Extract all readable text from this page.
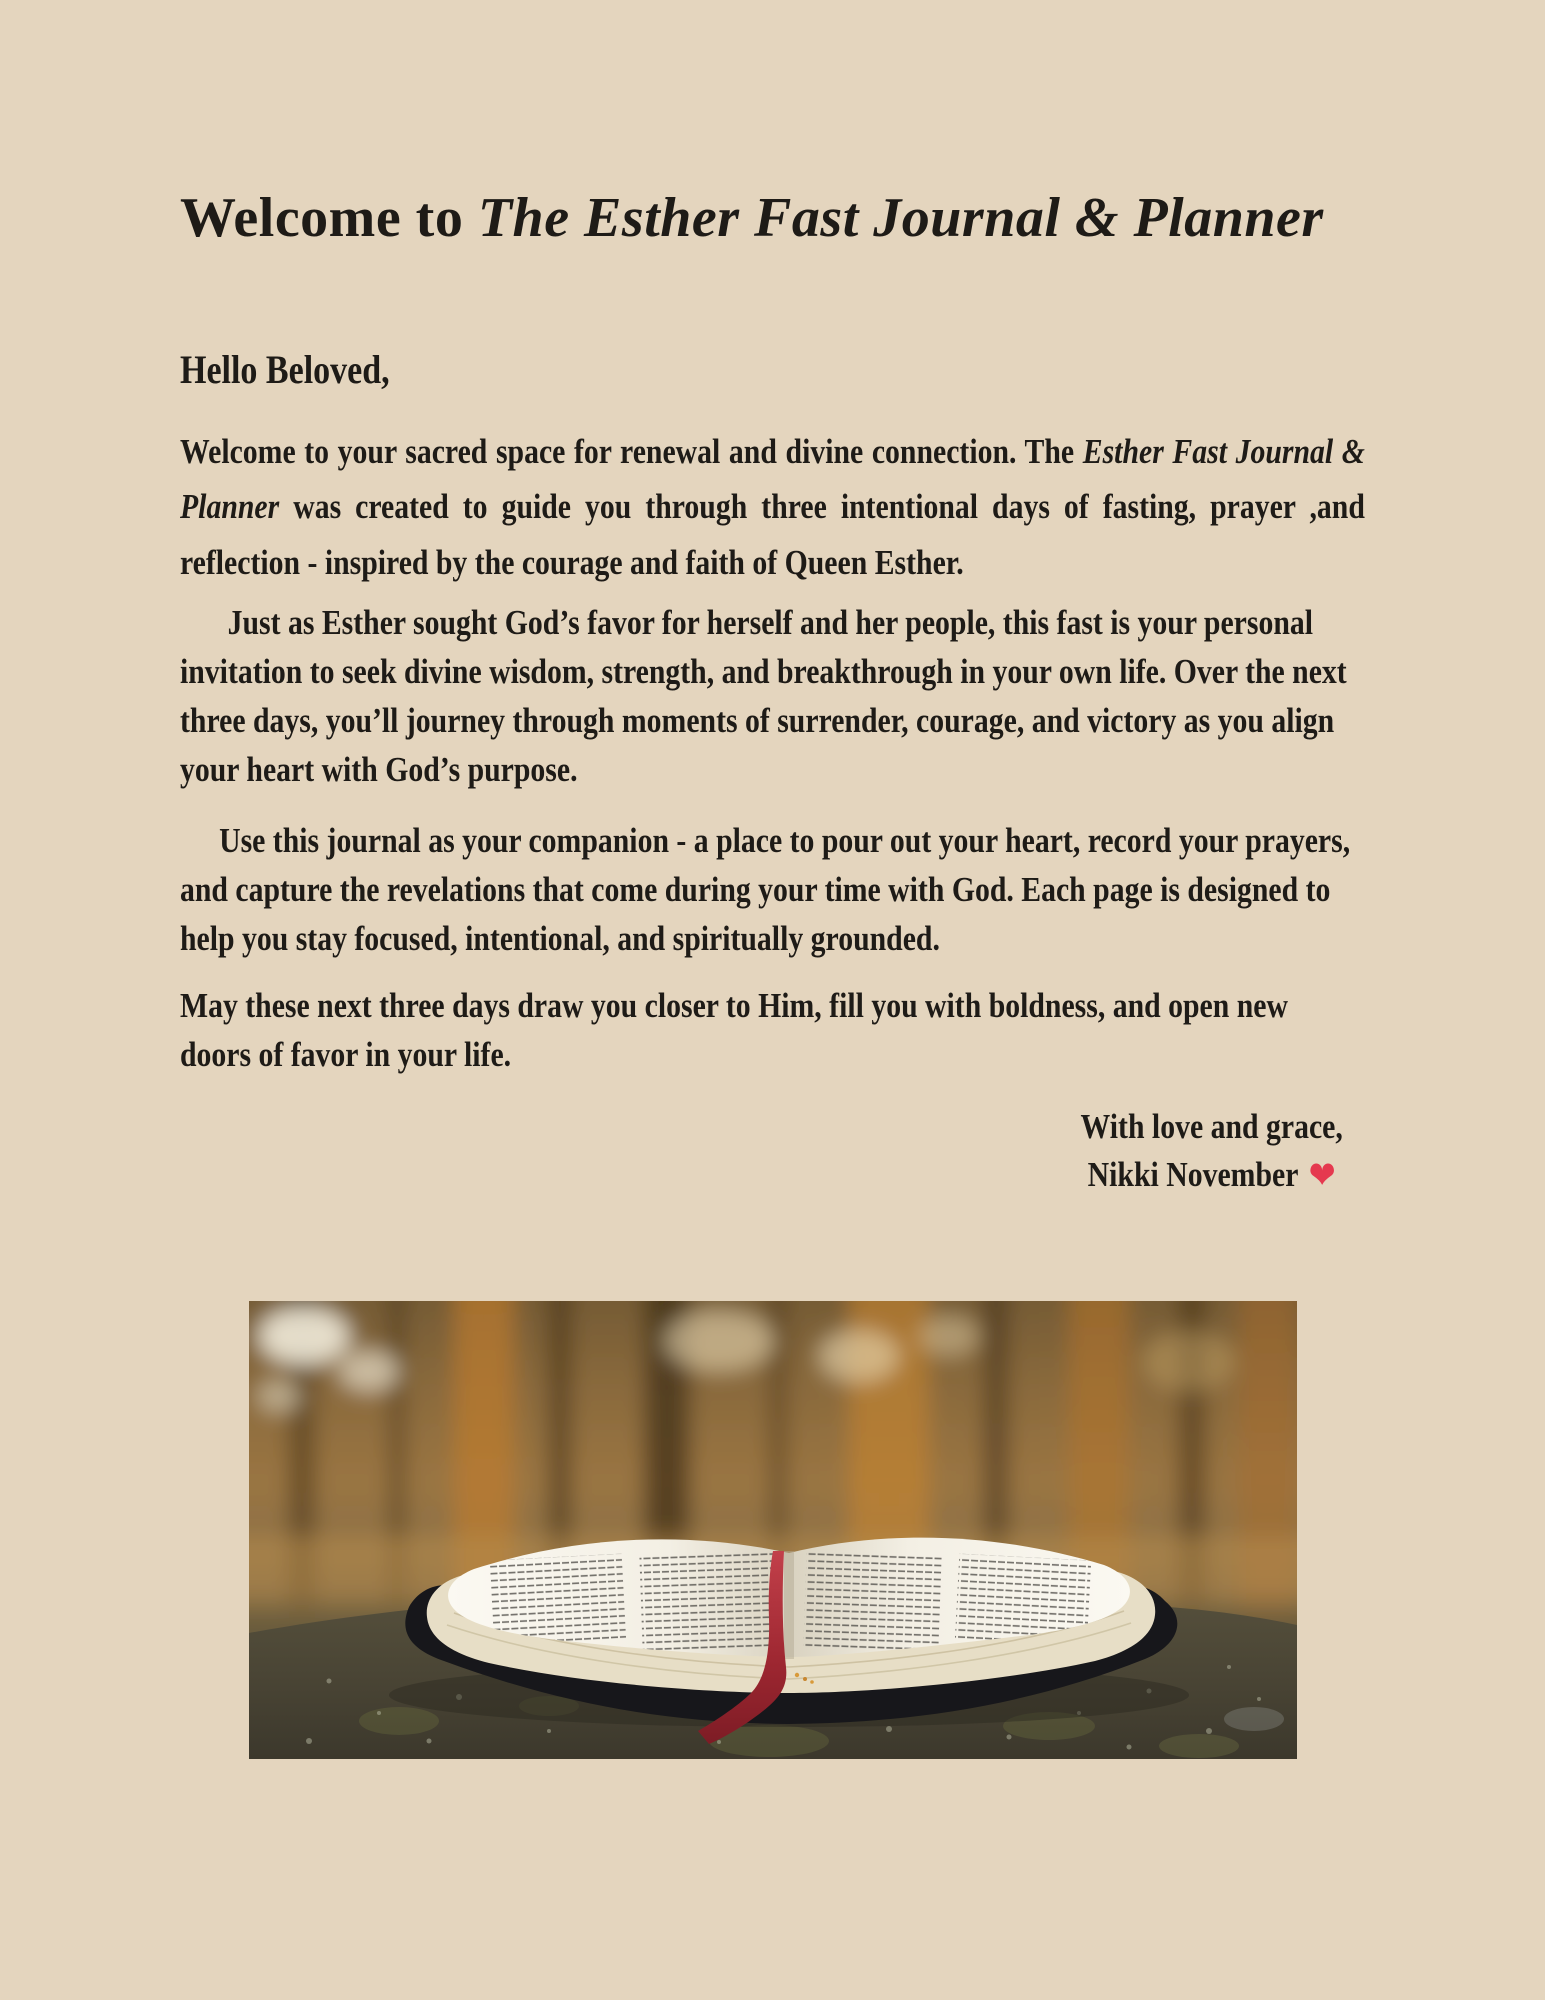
Welcome to The Esther Fast Journal & Planner

Hello Beloved,

Welcome to your sacred space for renewal and divine connection. The Esther Fast Journal & Planner was created to guide you through three intentional days of fasting, prayer ,and reflection - inspired by the courage and faith of Queen Esther.

Just as Esther sought God’s favor for herself and her people, this fast is your personal invitation to seek divine wisdom, strength, and breakthrough in your own life. Over the next three days, you’ll journey through moments of surrender, courage, and victory as you align your heart with God’s purpose.

Use this journal as your companion - a place to pour out your heart, record your prayers, and capture the revelations that come during your time with God. Each page is designed to help you stay focused, intentional, and spiritually grounded.

May these next three days draw you closer to Him, fill you with boldness, and open new doors of favor in your life.

With love and grace,
Nikki November ❤
